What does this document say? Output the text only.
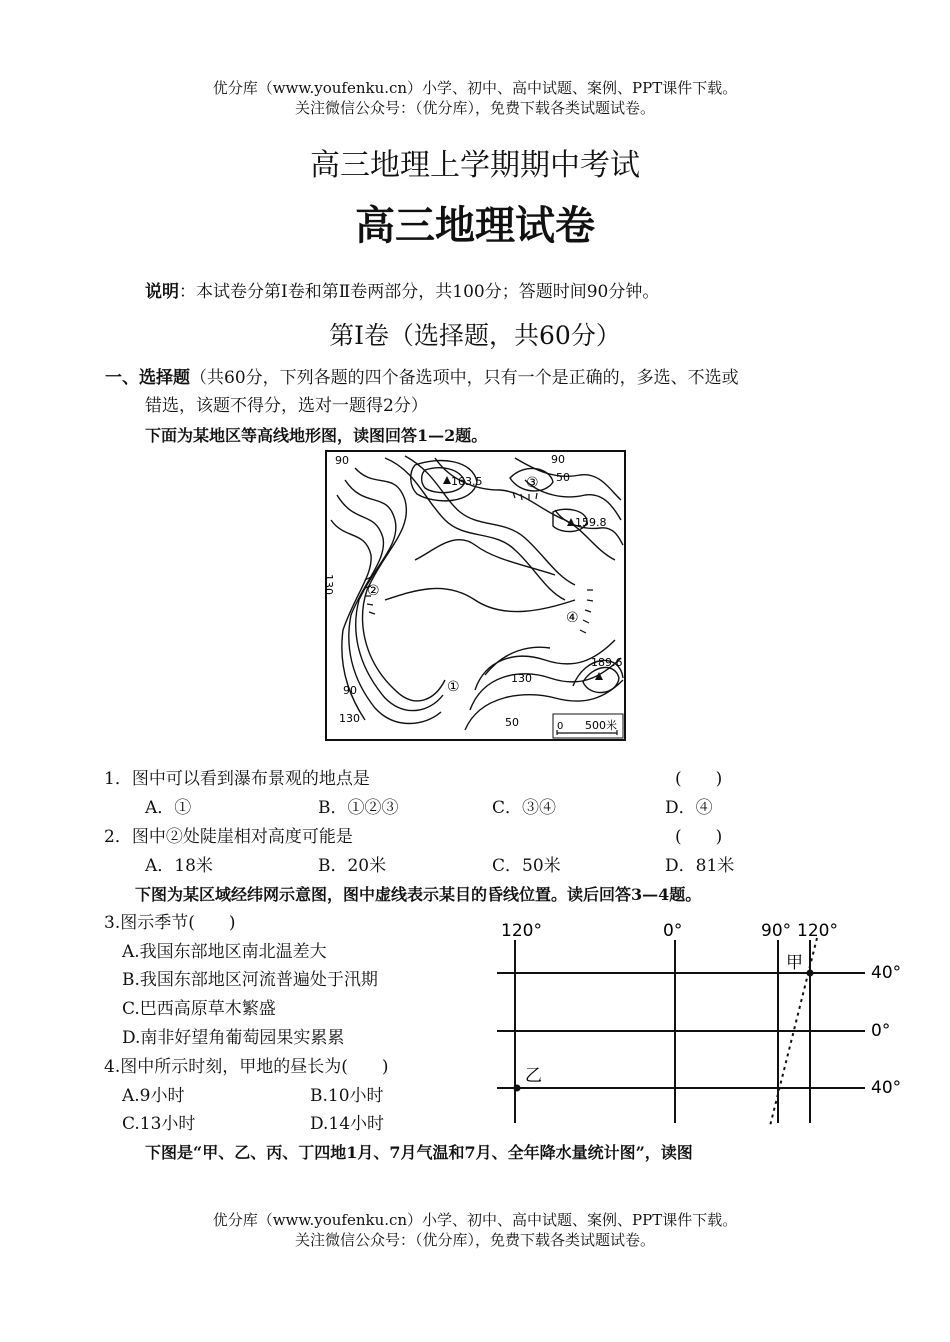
优分库（www.youfenku.cn）小学、初中、高中试题、案例、PPT课件下载。
关注微信公众号：（优分库），免费下载各类试题试卷。
高三地理上学期期中考试
高三地理试卷
说明：本试卷分第Ⅰ卷和第Ⅱ卷两部分，共100分；答题时间90分钟。
第Ⅰ卷（选择题，共60分）
一、选择题（共60分，下列各题的四个备选项中，只有一个是正确的，多选、不选或
错选，该题不得分，选对一题得2分）
下面为某地区等高线地形图，读图回答1—2题。
90
130
90
130
50
90
130
50
163.5
159.8
189.6
①
②
③
④
0 500米
1．图中可以看到瀑布景观的地点是	(　　)
A．①	B．①②③	C．③④	D．④
2．图中②处陡崖相对高度可能是	(　　)
A．18米	B．20米	C．50米	D．81米
下图为某区域经纬网示意图，图中虚线表示某目的昏线位置。读后回答3—4题。
3.图示季节(　　)
A.我国东部地区南北温差大
B.我国东部地区河流普遍处于汛期
C.巴西高原草木繁盛
D.南非好望角葡萄园果实累累
4.图中所示时刻，甲地的昼长为(　　)
A.9小时	B.10小时
C.13小时	D.14小时
120°	0°	90° 120°
40°
0°
40°
甲
乙
下图是“甲、乙、丙、丁四地1月、7月气温和7月、全年降水量统计图”，读图
优分库（www.youfenku.cn）小学、初中、高中试题、案例、PPT课件下载。
关注微信公众号：（优分库），免费下载各类试题试卷。
